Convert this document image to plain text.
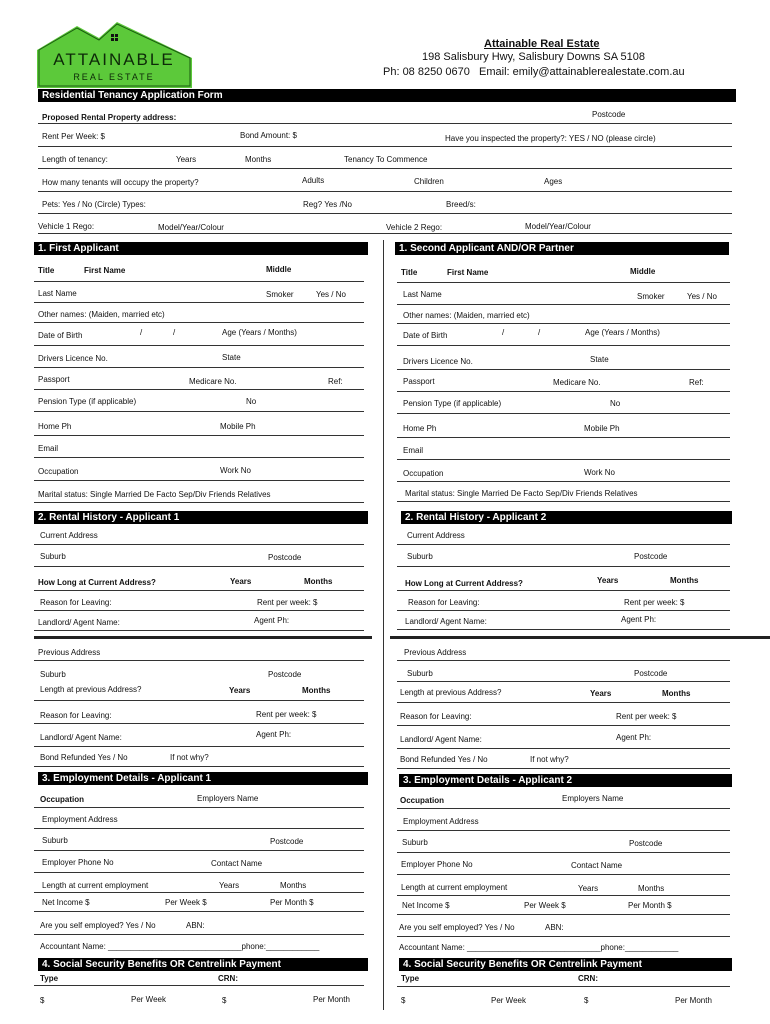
ATTAINABLE
REAL ESTATE
Attainable Real Estate
198 Salisbury Hwy, Salisbury Downs SA 5108
Ph: 08 8250 0670 Email: emily@attainablerealestate.com.au
Residential Tenancy Application Form
Proposed Rental Property address:	Postcode
Rent Per Week: $	Bond Amount: $	Have you inspected the property?: YES / NO (please circle)
Length of tenancy:	Years	Months	Tenancy To Commence
How many tenants will occupy the property?	Adults	Children	Ages
Pets: Yes / No (Circle) Types:	Reg? Yes /No	Breed/s:
Vehicle 1 Rego:	Model/Year/Colour	Vehicle 2 Rego:	Model/Year/Colour
1. First Applicant
Title	First Name	Middle
Last Name	Smoker	Yes / No
Other names: (Maiden, married etc)
Date of Birth	/	/	Age (Years / Months)
Drivers Licence No.	State
Passport	Medicare No.	Ref:
Pension Type (if applicable)	No
Home Ph	Mobile Ph
Email
Occupation	Work No
Marital status: Single Married De Facto Sep/Div Friends Relatives
2. Rental History - Applicant 1
Current Address
Suburb	Postcode
How Long at Current Address?	Years	Months
Reason for Leaving:	Rent per week: $
Landlord/ Agent Name:	Agent Ph:
Previous Address
Suburb	Postcode
Length at previous Address?	Years	Months
Reason for Leaving:	Rent per week: $
Landlord/ Agent Name:	Agent Ph:
Bond Refunded Yes / No	If not why?
3. Employment Details - Applicant 1
Occupation	Employers Name
Employment Address
Suburb	Postcode
Employer Phone No	Contact Name
Length at current employment	Years	Months
Net Income $	Per Week $	Per Month $
Are you self employed? Yes / No	ABN:
Accountant Name: ______________________________phone:____________
4. Social Security Benefits OR Centrelink Payment
Type	CRN:
$	Per Week	$	Per Month
1. Second Applicant AND/OR Partner
Title	First Name	Middle
Last Name	Smoker	Yes / No
Other names: (Maiden, married etc)
Date of Birth	/	/	Age (Years / Months)
Drivers Licence No.	State
Passport	Medicare No.	Ref:
Pension Type (if applicable)	No
Home Ph	Mobile Ph
Email
Occupation	Work No
Marital status: Single Married De Facto Sep/Div Friends Relatives
2. Rental History - Applicant 2
Current Address
Suburb	Postcode
How Long at Current Address?	Years	Months
Reason for Leaving:	Rent per week: $
Landlord/ Agent Name:	Agent Ph:
Previous Address
Suburb	Postcode
Length at previous Address?	Years	Months
Reason for Leaving:	Rent per week: $
Landlord/ Agent Name:	Agent Ph:
Bond Refunded Yes / No	If not why?
3. Employment Details - Applicant 2
Occupation	Employers Name
Employment Address
Suburb	Postcode
Employer Phone No	Contact Name
Length at current employment	Years	Months
Net Income $	Per Week $	Per Month $
Are you self employed? Yes / No	ABN:
Accountant Name: ______________________________phone:____________
4. Social Security Benefits OR Centrelink Payment
Type	CRN:
$	Per Week	$	Per Month
